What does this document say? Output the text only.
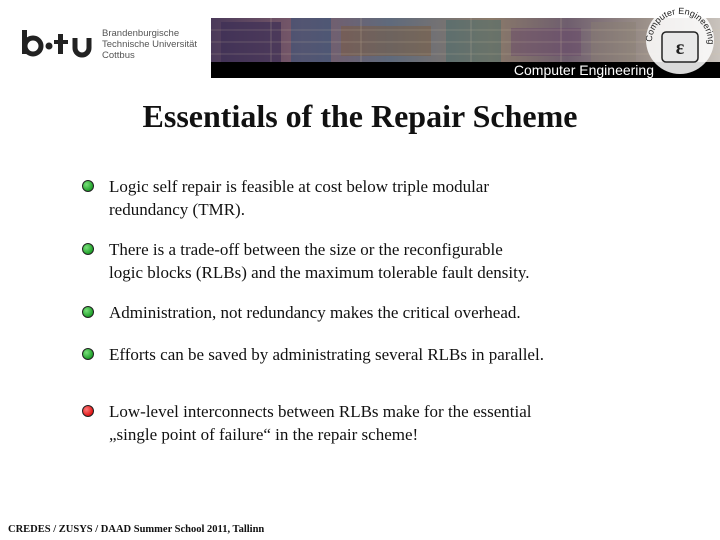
Brandenburgische
Technische Universität
Cottbus
Computer Engineering
Computer Engineering
ε
Essentials of the Repair Scheme
Logic self repair is feasible at cost below triple modular
redundancy (TMR).
There is a trade-off between the size or the reconfigurable
logic blocks (RLBs) and the maximum tolerable fault density.
Administration, not redundancy makes the critical overhead.
Efforts can be saved by administrating several RLBs in parallel.
Low-level interconnects between RLBs make for the essential
„single point of failure“ in the repair scheme!
CREDES / ZUSYS / DAAD Summer School 2011, Tallinn
